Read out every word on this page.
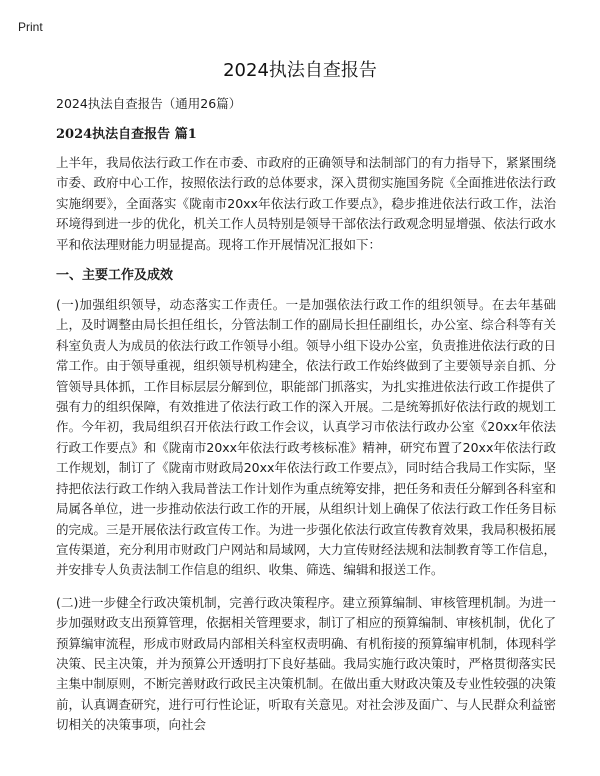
Print
2024执法自查报告

2024执法自查报告（通用26篇）

2024执法自查报告 篇1

上半年，我局依法行政工作在市委、市政府的正确领导和法制部门的有力指导下，紧紧围绕市委、政府中心工作，按照依法行政的总体要求，深入贯彻实施国务院《全面推进依法行政实施纲要》，全面落实《陇南市20xx年依法行政工作要点》，稳步推进依法行政工作，法治环境得到进一步的优化，机关工作人员特别是领导干部依法行政观念明显增强、依法行政水平和依法理财能力明显提高。现将工作开展情况汇报如下：

一、主要工作及成效

(一)加强组织领导，动态落实工作责任。一是加强依法行政工作的组织领导。在去年基础上，及时调整由局长担任组长，分管法制工作的副局长担任副组长，办公室、综合科等有关科室负责人为成员的依法行政工作领导小组。领导小组下设办公室，负责推进依法行政的日常工作。由于领导重视，组织领导机构建全，依法行政工作始终做到了主要领导亲自抓、分管领导具体抓，工作目标层层分解到位，职能部门抓落实，为扎实推进依法行政工作提供了强有力的组织保障，有效推进了依法行政工作的深入开展。二是统筹抓好依法行政的规划工作。今年初，我局组织召开依法行政工作会议，认真学习市依法行政办公室《20xx年依法行政工作要点》和《陇南市20xx年依法行政考核标准》精神，研究布置了20xx年依法行政工作规划，制订了《陇南市财政局20xx年依法行政工作要点》，同时结合我局工作实际，坚持把依法行政工作纳入我局普法工作计划作为重点统筹安排，把任务和责任分解到各科室和局属各单位，进一步推动依法行政工作的开展，从组织计划上确保了依法行政工作任务目标的完成。三是开展依法行政宣传工作。为进一步强化依法行政宣传教育效果，我局积极拓展宣传渠道，充分利用市财政门户网站和局域网，大力宣传财经法规和法制教育等工作信息，并安排专人负责法制工作信息的组织、收集、筛选、编辑和报送工作。

(二)进一步健全行政决策机制，完善行政决策程序。建立预算编制、审核管理机制。为进一步加强财政支出预算管理，依据相关管理要求，制订了相应的预算编制、审核机制，优化了预算编审流程，形成市财政局内部相关科室权责明确、有机衔接的预算编审机制，体现科学决策、民主决策，并为预算公开透明打下良好基础。我局实施行政决策时，严格贯彻落实民主集中制原则，不断完善财政行政民主决策机制。在做出重大财政决策及专业性较强的决策前，认真调查研究，进行可行性论证，听取有关意见。对社会涉及面广、与人民群众利益密切相关的决策事项，向社会
